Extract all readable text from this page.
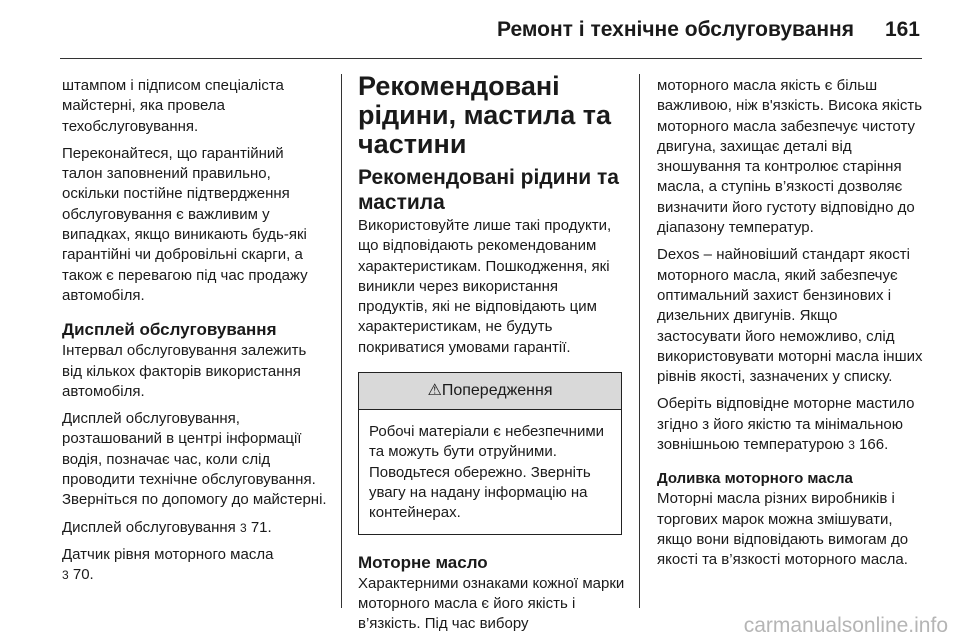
Ремонт і технічне обслуговування 161

штампом і підписом спеціаліста майстерні, яка провела техобслуговування.

Переконайтеся, що гарантійний талон заповнений правильно, оскільки постійне підтвердження обслуговування є важливим у випадках, якщо виникають будь-які гарантійні чи добровільні скарги, а також є перевагою під час продажу автомобіля.

Дисплей обслуговування

Інтервал обслуговування залежить від кількох факторів використання автомобіля.

Дисплей обслуговування, розташований в центрі інформації водія, позначає час, коли слід проводити технічне обслуговування. Зверніться по допомогу до майстерні.

Дисплей обслуговування 3 71.

Датчик рівня моторного масла
3 70.

Рекомендовані рідини, мастила та частини
Рекомендовані рідини та мастила

Використовуйте лише такі продукти, що відповідають рекомендованим характеристикам. Пошкодження, які виникли через використання продуктів, які не відповідають цим характеристикам, не будуть покриватися умовами гарантії.

⚠Попередження

Робочі матеріали є небезпечними та можуть бути отруйними. Поводьтеся обережно. Зверніть увагу на надану інформацію на контейнерах.

Моторне масло

Характерними ознаками кожної марки моторного масла є його якість і в’язкість. Під час вибору

моторного масла якість є більш важливою, ніж в'язкість. Висока якість моторного масла забезпечує чистоту двигуна, захищає деталі від зношування та контролює старіння масла, а ступінь в’язкості дозволяє визначити його густоту відповідно до діапазону температур.

Dexos – найновіший стандарт якості моторного масла, який забезпечує оптимальний захист бензинових і дизельних двигунів. Якщо застосувати його неможливо, слід використовувати моторні масла інших рівнів якості, зазначених у списку.

Оберіть відповідне моторне мастило згідно з його якістю та мінімальною зовнішньою температурою 3 166.

Доливка моторного масла

Моторні масла різних виробників і торгових марок можна змішувати, якщо вони відповідають вимогам до якості та в’язкості моторного масла.

carmanualsonline.info
